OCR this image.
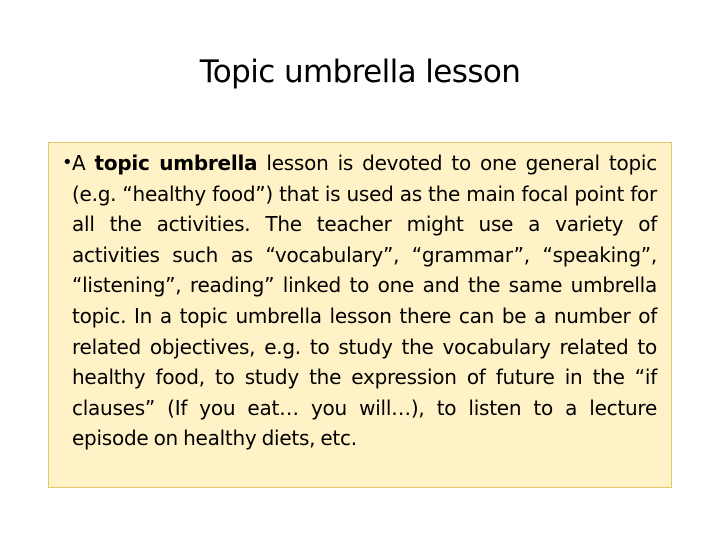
Topic umbrella lesson
• A topic umbrella lesson is devoted to one general topic (e.g. “healthy food”) that is used as the main focal point for all the activities. The teacher might use a variety of activities such as “vocabulary”, “grammar”, “speaking”, “listening”, reading” linked to one and the same umbrella topic. In a topic umbrella lesson there can be a number of related objectives, e.g. to study the vocabulary related to healthy food, to study the expression of future in the “if clauses” (If you eat… you will…), to listen to a lecture episode on healthy diets, etc.
